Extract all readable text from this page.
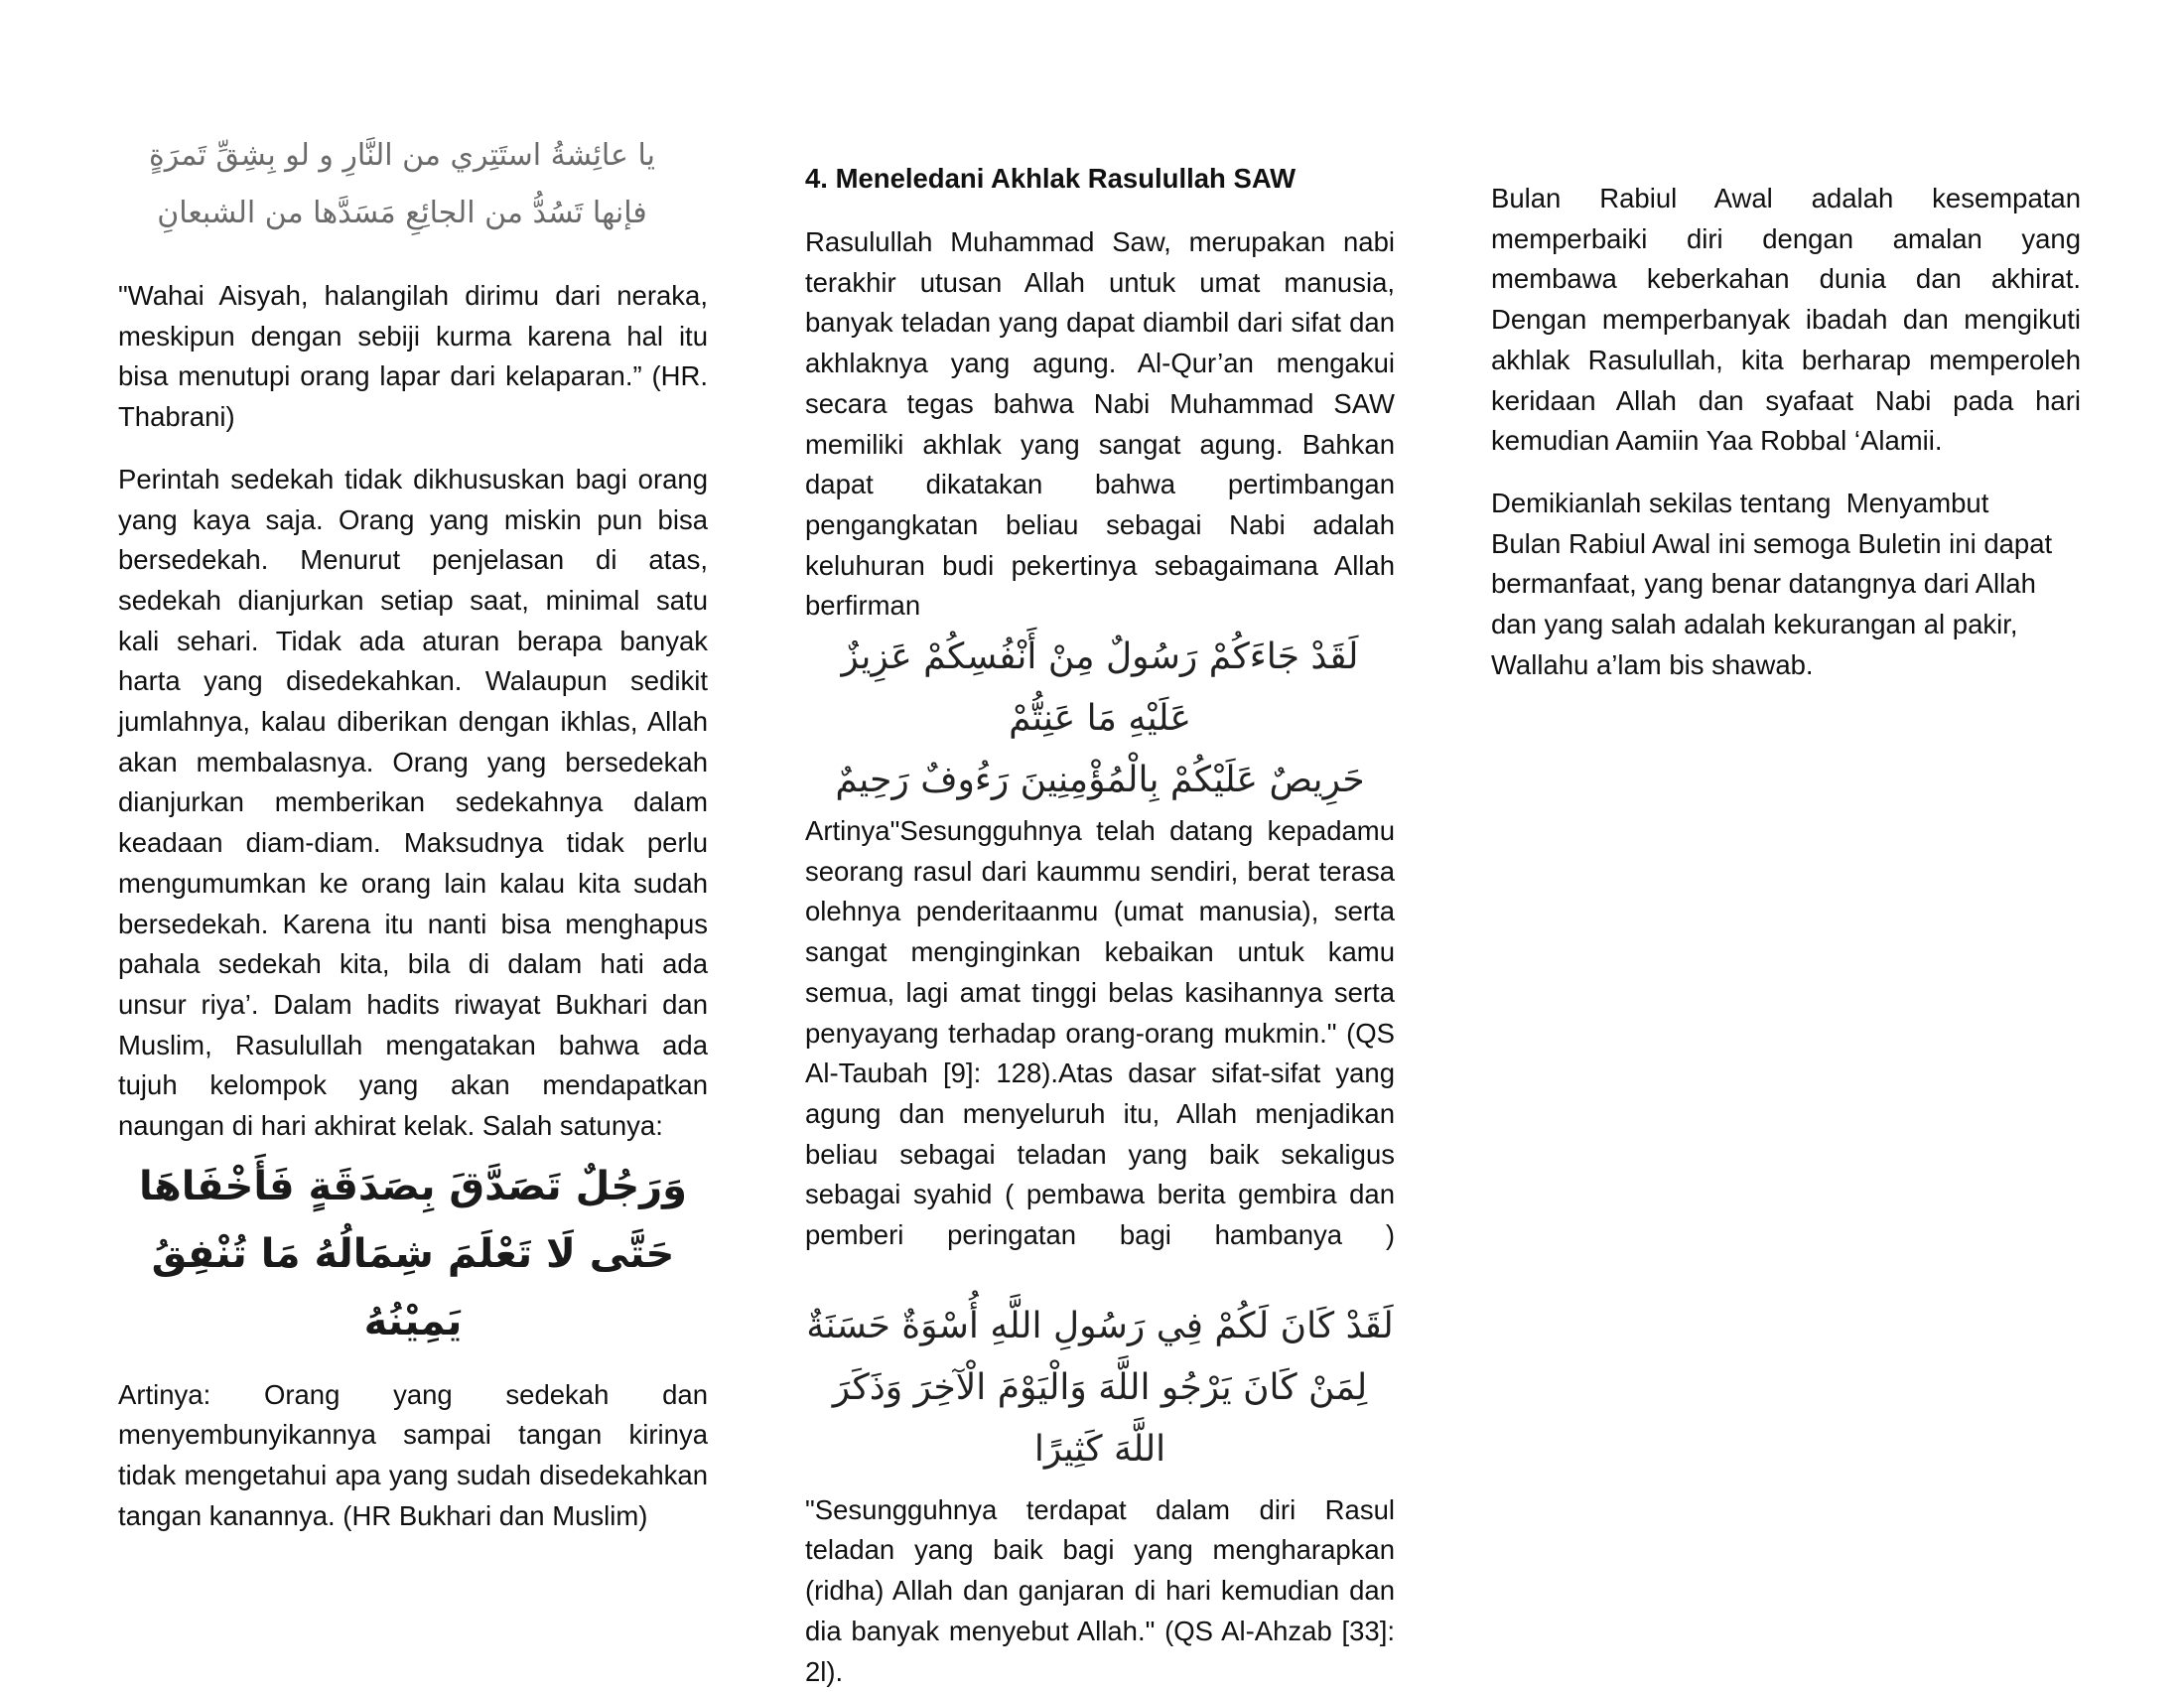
يا عائِشةُ استَتِري من النَّارِ و لو بِشِقِّ تَمرَةٍ
فإنها تَسُدُّ من الجائِعِ مَسَدَّها من الشبعانِ

"Wahai Aisyah, halangilah dirimu dari neraka, meskipun dengan sebiji kurma karena hal itu bisa menutupi orang lapar dari kelaparan.” (HR. Thabrani)

Perintah sedekah tidak dikhususkan bagi orang yang kaya saja. Orang yang miskin pun bisa bersedekah. Menurut penjelasan di atas, sedekah dianjurkan setiap saat, minimal satu kali sehari. Tidak ada aturan berapa banyak harta yang disedekahkan. Walaupun sedikit jumlahnya, kalau diberikan dengan ikhlas, Allah akan membalasnya. Orang yang bersedekah dianjurkan memberikan sedekahnya dalam keadaan diam-diam. Maksudnya tidak perlu mengumumkan ke orang lain kalau kita sudah bersedekah. Karena itu nanti bisa menghapus pahala sedekah kita, bila di dalam hati ada unsur riya’. Dalam hadits riwayat Bukhari dan Muslim, Rasulullah mengatakan bahwa ada tujuh kelompok yang akan mendapatkan naungan di hari akhirat kelak. Salah satunya:

وَرَجُلٌ تَصَدَّقَ بِصَدَقَةٍ فَأَخْفَاهَا
حَتَّى لَا تَعْلَمَ شِمَالُهُ مَا تُنْفِقُ يَمِيْنُهُ

Artinya: Orang yang sedekah dan menyembunyikannya sampai tangan kirinya tidak mengetahui apa yang sudah disedekahkan tangan kanannya. (HR Bukhari dan Muslim)

4. Meneledani Akhlak Rasulullah SAW

Rasulullah Muhammad Saw, merupakan nabi terakhir utusan Allah untuk umat manusia, banyak teladan yang dapat diambil dari sifat dan akhlaknya yang agung. Al-Qur’an mengakui secara tegas bahwa Nabi Muhammad SAW memiliki akhlak yang sangat agung. Bahkan dapat dikatakan bahwa pertimbangan pengangkatan beliau sebagai Nabi adalah keluhuran budi pekertinya sebagaimana Allah berfirman

لَقَدْ جَاءَكُمْ رَسُولٌ مِنْ أَنْفُسِكُمْ عَزِيزٌ عَلَيْهِ مَا عَنِتُّمْ
حَرِيصٌ عَلَيْكُمْ بِالْمُؤْمِنِينَ رَءُوفٌ رَحِيمٌ

Artinya"Sesungguhnya telah datang kepadamu seorang rasul dari kaummu sendiri, berat terasa olehnya penderitaanmu (umat manusia), serta sangat menginginkan kebaikan untuk kamu semua, lagi amat tinggi belas kasihannya serta penyayang terhadap orang-orang mukmin." (QS Al-Taubah [9]: 128).Atas dasar sifat-sifat yang agung dan menyeluruh itu, Allah menjadikan beliau sebagai teladan yang baik sekaligus sebagai syahid ( pembawa berita gembira dan pemberi peringatan bagi hambanya )

لَقَدْ كَانَ لَكُمْ فِي رَسُولِ اللَّهِ أُسْوَةٌ حَسَنَةٌ
لِمَنْ كَانَ يَرْجُو اللَّهَ وَالْيَوْمَ الْآخِرَ وَذَكَرَ اللَّهَ كَثِيرًا

"Sesungguhnya terdapat dalam diri Rasul teladan yang baik bagi yang mengharapkan (ridha) Allah dan ganjaran di hari kemudian dan dia banyak menyebut Allah." (QS Al-Ahzab [33]: 2l).

Bulan Rabiul Awal adalah kesempatan memperbaiki diri dengan amalan yang membawa keberkahan dunia dan akhirat. Dengan memperbanyak ibadah dan mengikuti akhlak Rasulullah, kita berharap memperoleh keridaan Allah dan syafaat Nabi pada hari kemudian Aamiin Yaa Robbal ‘Alamii.

Demikianlah sekilas tentang  Menyambut
Bulan Rabiul Awal ini semoga Buletin ini dapat
bermanfaat, yang benar datangnya dari Allah
dan yang salah adalah kekurangan al pakir,
Wallahu a’lam bis shawab.
